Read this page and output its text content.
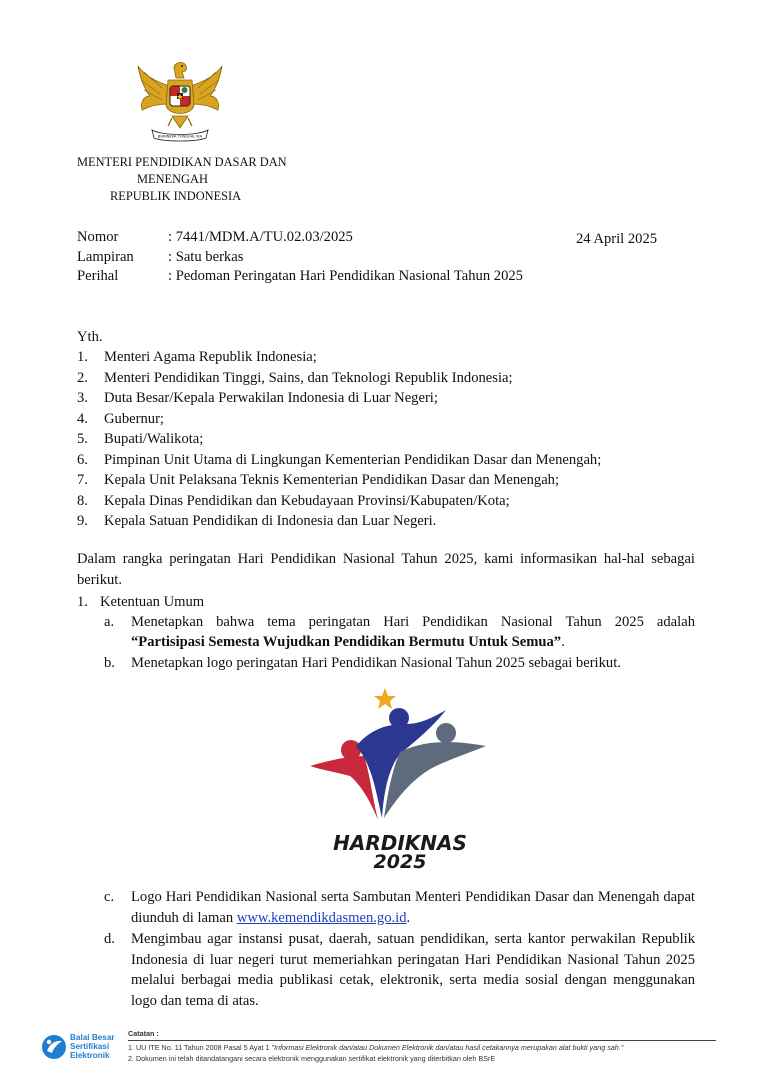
BHINNEKA TUNGGAL IKA
MENTERI PENDIDIKAN DASAR DAN
MENENGAH
REPUBLIK INDONESIA
Nomor	: 7441/MDM.A/TU.02.03/2025	24 April 2025
Lampiran : Satu berkas
Perihal	: Pedoman Peringatan Hari Pendidikan Nasional Tahun 2025
Yth.
1. Menteri Agama Republik Indonesia;
2. Menteri Pendidikan Tinggi, Sains, dan Teknologi Republik Indonesia;
3. Duta Besar/Kepala Perwakilan Indonesia di Luar Negeri;
4. Gubernur;
5. Bupati/Walikota;
6. Pimpinan Unit Utama di Lingkungan Kementerian Pendidikan Dasar dan Menengah;
7. Kepala Unit Pelaksana Teknis Kementerian Pendidikan Dasar dan Menengah;
8. Kepala Dinas Pendidikan dan Kebudayaan Provinsi/Kabupaten/Kota;
9. Kepala Satuan Pendidikan di Indonesia dan Luar Negeri.
Dalam rangka peringatan Hari Pendidikan Nasional Tahun 2025, kami informasikan hal-hal sebagai berikut.
1. Ketentuan Umum
a. Menetapkan bahwa tema peringatan Hari Pendidikan Nasional Tahun 2025 adalah
“Partisipasi Semesta Wujudkan Pendidikan Bermutu Untuk Semua”.
b. Menetapkan logo peringatan Hari Pendidikan Nasional Tahun 2025 sebagai berikut.
HARDIKNAS
2025
c. Logo Hari Pendidikan Nasional serta Sambutan Menteri Pendidikan Dasar dan Menengah dapat diunduh di laman www.kemendikdasmen.go.id.
d. Mengimbau agar instansi pusat, daerah, satuan pendidikan, serta kantor perwakilan Republik Indonesia di luar negeri turut memeriahkan peringatan Hari Pendidikan Nasional Tahun 2025 melalui berbagai media publikasi cetak, elektronik, serta media sosial dengan menggunakan logo dan tema di atas.
Balai Besar
Sertifikasi
Elektronik
Catatan :
1. UU ITE No. 11 Tahun 2008 Pasal 5 Ayat 1 "Informasi Elektronik dan/atau Dokumen Elektronik dan/atau hasil cetakannya merupakan alat bukti yang sah."
2. Dokumen ini telah ditandatangani secara elektronik menggunakan sertifikat elektronik yang diterbitkan oleh BSrE
